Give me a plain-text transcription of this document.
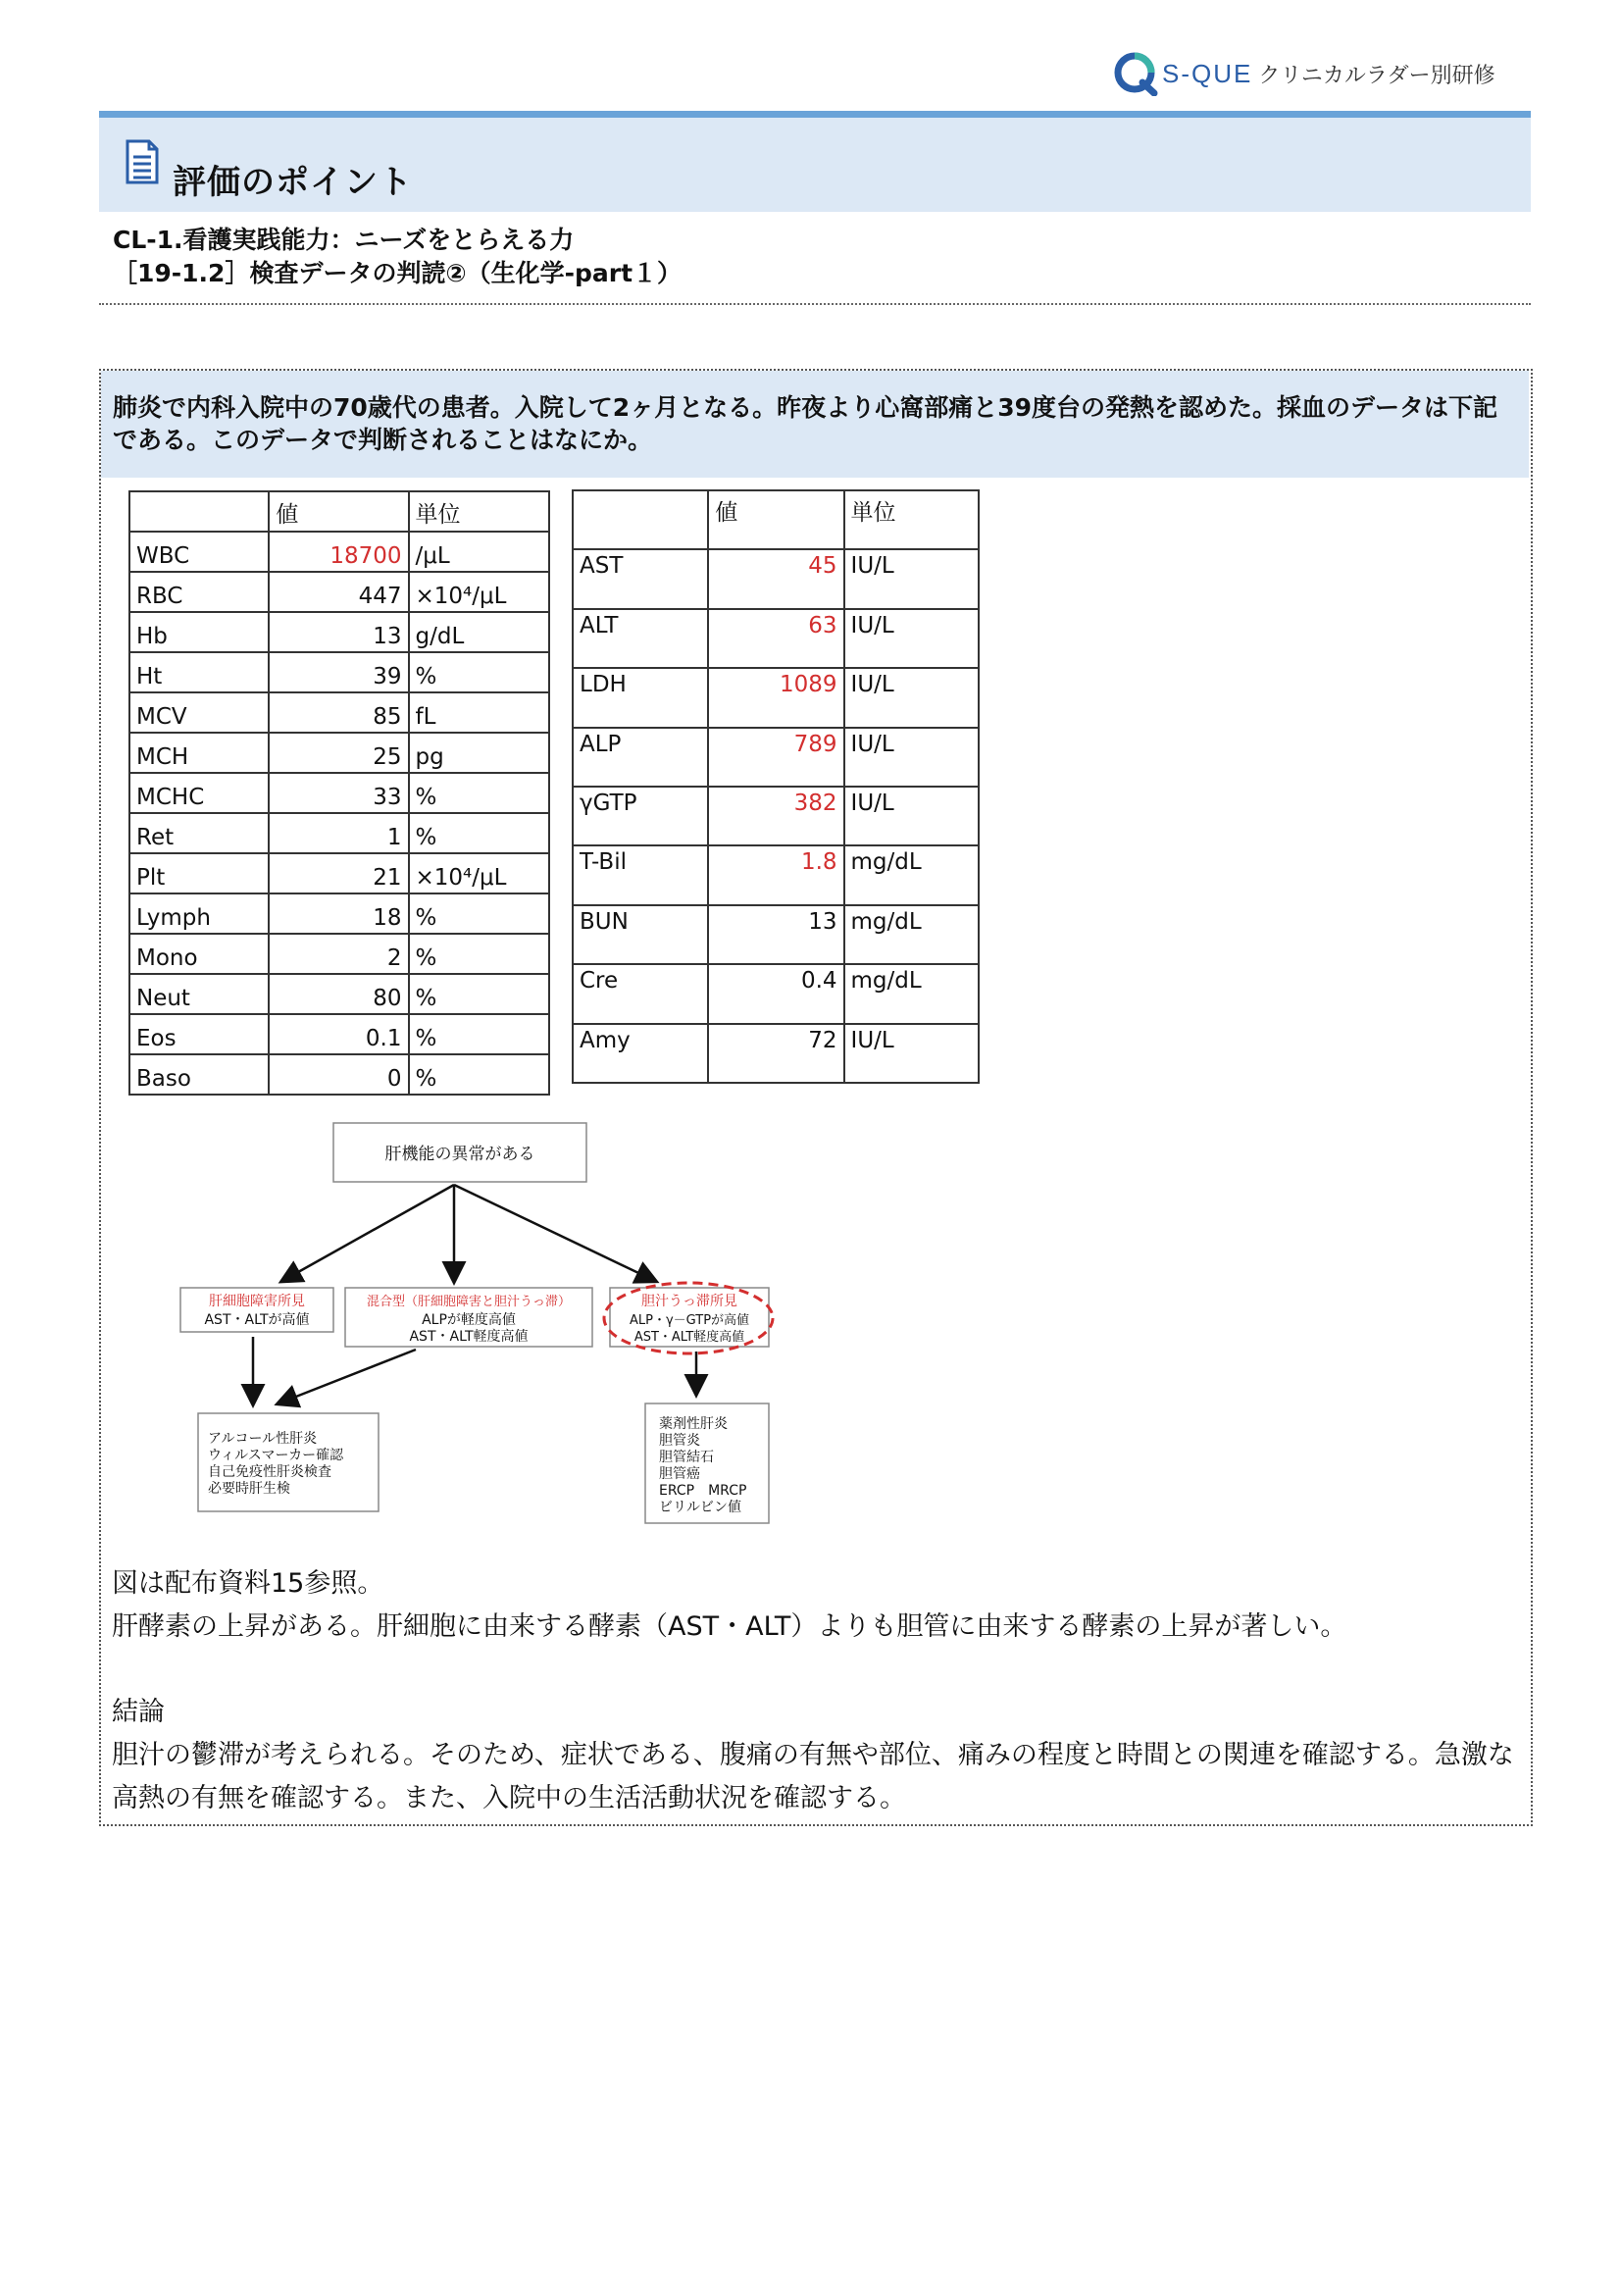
S-QUE クリニカルラダー別研修
評価のポイント
CL-1.看護実践能力：ニーズをとらえる力
［19-1.2］検査データの判読②（生化学-part１）
肺炎で内科入院中の70歳代の患者。入院して2ヶ月となる。昨夜より心窩部痛と39度台の発熱を認めた。採血のデータは下記である。このデータで判断されることはなにか。
	値	単位
WBC	18700	/μL
RBC	447	×10⁴/μL
Hb	13	g/dL
Ht	39	%
MCV	85	fL
MCH	25	pg
MCHC	33	%
Ret	1	%
Plt	21	×10⁴/μL
Lymph	18	%
Mono	2	%
Neut	80	%
Eos	0.1	%
Baso	0	%
	値	単位
AST	45	IU/L
ALT	63	IU/L
LDH	1089	IU/L
ALP	789	IU/L
γGTP	382	IU/L
T-Bil	1.8	mg/dL
BUN	13	mg/dL
Cre	0.4	mg/dL
Amy	72	IU/L
肝機能の異常がある
肝細胞障害所見
AST・ALTが高値
混合型（肝細胞障害と胆汁うっ滞）
ALPが軽度高値
AST・ALT軽度高値
胆汁うっ滞所見
ALP・γ－GTPが高値
AST・ALT軽度高値
アルコール性肝炎
ウィルスマーカー確認
自己免疫性肝炎検査
必要時肝生検
薬剤性肝炎
胆管炎
胆管結石
胆管癌
ERCP　MRCP
ビリルビン値
図は配布資料15参照。
肝酵素の上昇がある。肝細胞に由来する酵素（AST・ALT）よりも胆管に由来する酵素の上昇が著しい。
結論
胆汁の鬱滞が考えられる。そのため、症状である、腹痛の有無や部位、痛みの程度と時間との関連を確認する。急激な高熱の有無を確認する。また、入院中の生活活動状況を確認する。
